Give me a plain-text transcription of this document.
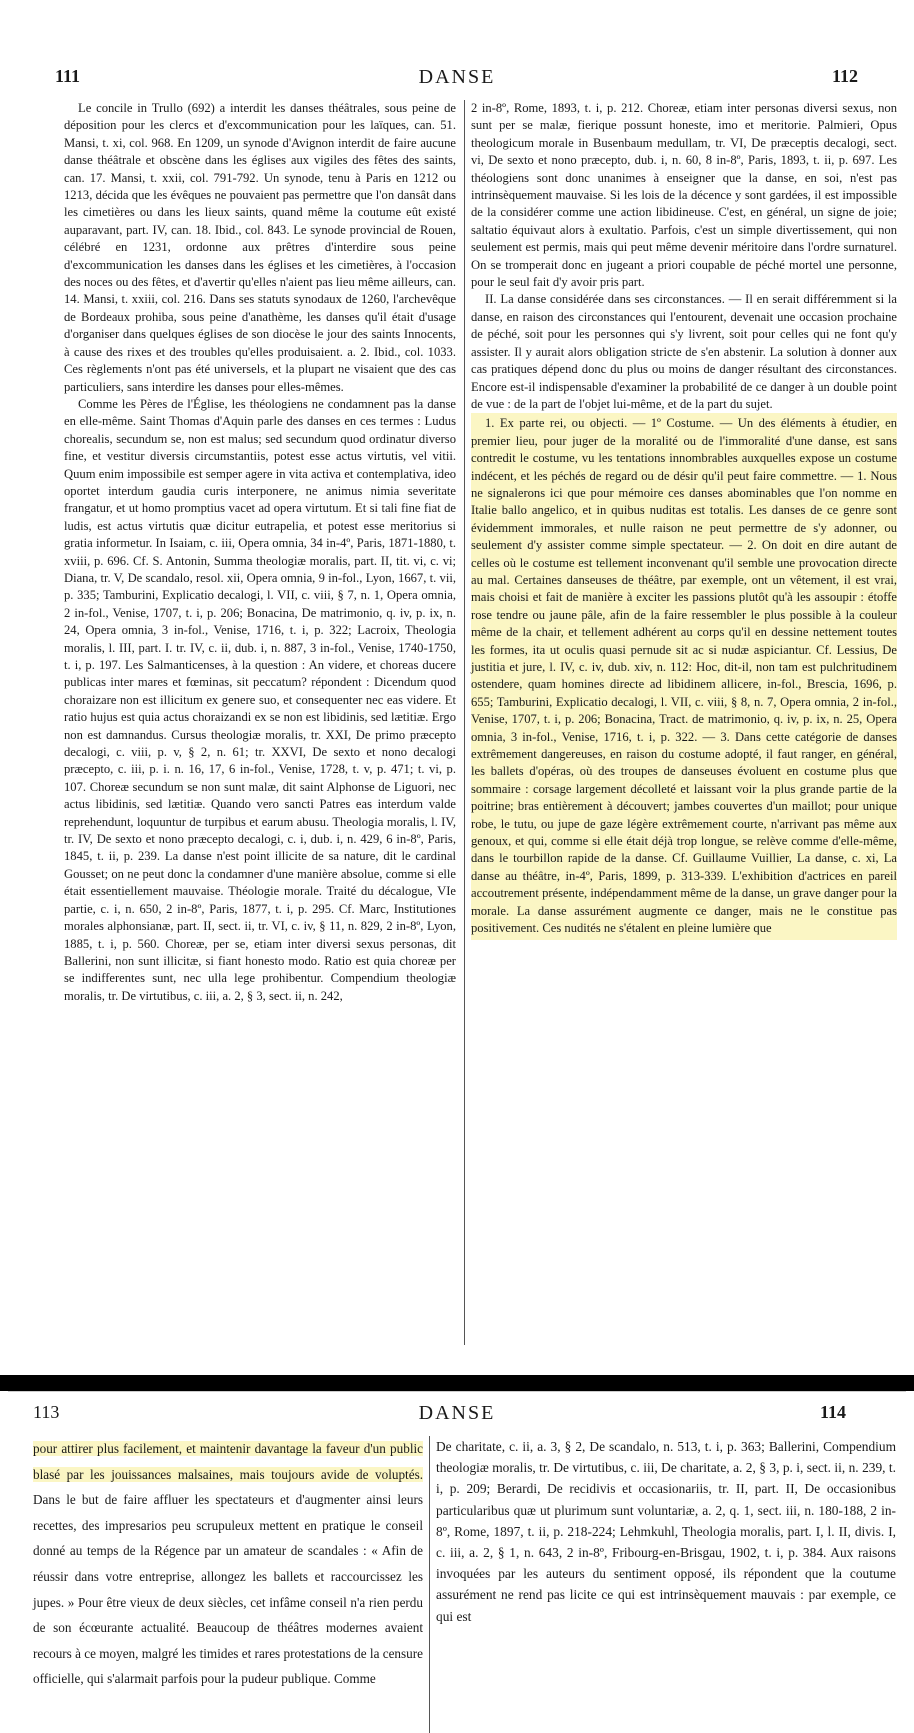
111	DANSE	112

Le concile in Trullo (692) a interdit les danses théâtrales, sous peine de déposition pour les clercs et d'excommunication pour les laïques, can. 51. Mansi, t. xi, col. 968. En 1209, un synode d'Avignon interdit de faire aucune danse théâtrale et obscène dans les églises aux vigiles des fêtes des saints, can. 17. Mansi, t. xxii, col. 791-792. Un synode, tenu à Paris en 1212 ou 1213, décida que les évêques ne pouvaient pas permettre que l'on dansât dans les cimetières ou dans les lieux saints, quand même la coutume eût existé auparavant, part. IV, can. 18. Ibid., col. 843. Le synode provincial de Rouen, célébré en 1231, ordonne aux prêtres d'interdire sous peine d'excommunication les danses dans les églises et les cimetières, à l'occasion des noces ou des fêtes, et d'avertir qu'elles n'aient pas lieu même ailleurs, can. 14. Mansi, t. xxiii, col. 216. Dans ses statuts synodaux de 1260, l'archevêque de Bordeaux prohiba, sous peine d'anathème, les danses qu'il était d'usage d'organiser dans quelques églises de son diocèse le jour des saints Innocents, à cause des rixes et des troubles qu'elles produisaient. a. 2. Ibid., col. 1033. Ces règlements n'ont pas été universels, et la plupart ne visaient que des cas particuliers, sans interdire les danses pour elles-mêmes.

Comme les Pères de l'Église, les théologiens ne condamnent pas la danse en elle-même. Saint Thomas d'Aquin parle des danses en ces termes : Ludus chorealis, secundum se, non est malus; sed secundum quod ordinatur diverso fine, et vestitur diversis circumstantiis, potest esse actus virtutis, vel vitii. Quum enim impossibile est semper agere in vita activa et contemplativa, ideo oportet interdum gaudia curis interponere, ne animus nimia severitate frangatur, et ut homo promptius vacet ad opera virtutum. Et si tali fine fiat de ludis, est actus virtutis quæ dicitur eutrapelia, et potest esse meritorius si gratia informetur. In Isaiam, c. iii, Opera omnia, 34 in-4º, Paris, 1871-1880, t. xviii, p. 696. Cf. S. Antonin, Summa theologiæ moralis, part. II, tit. vi, c. vi; Diana, tr. V, De scandalo, resol. xii, Opera omnia, 9 in-fol., Lyon, 1667, t. vii, p. 335; Tamburini, Explicatio decalogi, l. VII, c. viii, § 7, n. 1, Opera omnia, 2 in-fol., Venise, 1707, t. i, p. 206; Bonacina, De matrimonio, q. iv, p. ix, n. 24, Opera omnia, 3 in-fol., Venise, 1716, t. i, p. 322; Lacroix, Theologia moralis, l. III, part. I. tr. IV, c. ii, dub. i, n. 887, 3 in-fol., Venise, 1740-1750, t. i, p. 197. Les Salmanticenses, à la question : An videre, et choreas ducere publicas inter mares et fœminas, sit peccatum? répondent : Dicendum quod choraizare non est illicitum ex genere suo, et consequenter nec eas videre. Et ratio hujus est quia actus choraizandi ex se non est libidinis, sed lætitiæ. Ergo non est damnandus. Cursus theologiæ moralis, tr. XXI, De primo præcepto decalogi, c. viii, p. v, § 2, n. 61; tr. XXVI, De sexto et nono decalogi præcepto, c. iii, p. i. n. 16, 17, 6 in-fol., Venise, 1728, t. v, p. 471; t. vi, p. 107. Choreæ secundum se non sunt malæ, dit saint Alphonse de Liguori, nec actus libidinis, sed lætitiæ. Quando vero sancti Patres eas interdum valde reprehendunt, loquuntur de turpibus et earum abusu. Theologia moralis, l. IV, tr. IV, De sexto et nono præcepto decalogi, c. i, dub. i, n. 429, 6 in-8º, Paris, 1845, t. ii, p. 239. La danse n'est point illicite de sa nature, dit le cardinal Gousset; on ne peut donc la condamner d'une manière absolue, comme si elle était essentiellement mauvaise. Théologie morale. Traité du décalogue, VIe partie, c. i, n. 650, 2 in-8º, Paris, 1877, t. i, p. 295. Cf. Marc, Institutiones morales alphonsianæ, part. II, sect. ii, tr. VI, c. iv, § 11, n. 829, 2 in-8º, Lyon, 1885, t. i, p. 560. Choreæ, per se, etiam inter diversi sexus personas, dit Ballerini, non sunt illicitæ, si fiant honesto modo. Ratio est quia choreæ per se indifferentes sunt, nec ulla lege prohibentur. Compendium theologiæ moralis, tr. De virtutibus, c. iii, a. 2, § 3, sect. ii, n. 242,

2 in-8º, Rome, 1893, t. i, p. 212. Choreæ, etiam inter personas diversi sexus, non sunt per se malæ, fierique possunt honeste, imo et meritorie. Palmieri, Opus theologicum morale in Busenbaum medullam, tr. VI, De præceptis decalogi, sect. vi, De sexto et nono præcepto, dub. i, n. 60, 8 in-8º, Paris, 1893, t. ii, p. 697. Les théologiens sont donc unanimes à enseigner que la danse, en soi, n'est pas intrinsèquement mauvaise. Si les lois de la décence y sont gardées, il est impossible de la considérer comme une action libidineuse. C'est, en général, un signe de joie; saltatio équivaut alors à exultatio. Parfois, c'est un simple divertissement, qui non seulement est permis, mais qui peut même devenir méritoire dans l'ordre surnaturel. On se tromperait donc en jugeant a priori coupable de péché mortel une personne, pour le seul fait d'y avoir pris part.

II. La danse considérée dans ses circonstances. — Il en serait différemment si la danse, en raison des circonstances qui l'entourent, devenait une occasion prochaine de péché, soit pour les personnes qui s'y livrent, soit pour celles qui ne font qu'y assister. Il y aurait alors obligation stricte de s'en abstenir. La solution à donner aux cas pratiques dépend donc du plus ou moins de danger résultant des circonstances. Encore est-il indispensable d'examiner la probabilité de ce danger à un double point de vue : de la part de l'objet lui-même, et de la part du sujet.

1. Ex parte rei, ou objecti. — 1º Costume. — Un des éléments à étudier, en premier lieu, pour juger de la moralité ou de l'immoralité d'une danse, est sans contredit le costume, vu les tentations innombrables auxquelles expose un costume indécent, et les péchés de regard ou de désir qu'il peut faire commettre. — 1. Nous ne signalerons ici que pour mémoire ces danses abominables que l'on nomme en Italie ballo angelico, et in quibus nuditas est totalis. Les danses de ce genre sont évidemment immorales, et nulle raison ne peut permettre de s'y adonner, ou seulement d'y assister comme simple spectateur. — 2. On doit en dire autant de celles où le costume est tellement inconvenant qu'il semble une provocation directe au mal. Certaines danseuses de théâtre, par exemple, ont un vêtement, il est vrai, mais choisi et fait de manière à exciter les passions plutôt qu'à les assoupir : étoffe rose tendre ou jaune pâle, afin de la faire ressembler le plus possible à la couleur même de la chair, et tellement adhérent au corps qu'il en dessine nettement toutes les formes, ita ut oculis quasi pernude sit ac si nudæ aspiciantur. Cf. Lessius, De justitia et jure, l. IV, c. iv, dub. xiv, n. 112: Hoc, dit-il, non tam est pulchritudinem ostendere, quam homines directe ad libidinem allicere, in-fol., Brescia, 1696, p. 655; Tamburini, Explicatio decalogi, l. VII, c. viii, § 8, n. 7, Opera omnia, 2 in-fol., Venise, 1707, t. i, p. 206; Bonacina, Tract. de matrimonio, q. iv, p. ix, n. 25, Opera omnia, 3 in-fol., Venise, 1716, t. i, p. 322. — 3. Dans cette catégorie de danses extrêmement dangereuses, en raison du costume adopté, il faut ranger, en général, les ballets d'opéras, où des troupes de danseuses évoluent en costume plus que sommaire : corsage largement décolleté et laissant voir la plus grande partie de la poitrine; bras entièrement à découvert; jambes couvertes d'un maillot; pour unique robe, le tutu, ou jupe de gaze légère extrêmement courte, n'arrivant pas même aux genoux, et qui, comme si elle était déjà trop longue, se relève comme d'elle-même, dans le tourbillon rapide de la danse. Cf. Guillaume Vuillier, La danse, c. xi, La danse au théâtre, in-4º, Paris, 1899, p. 313-339. L'exhibition d'actrices en pareil accoutrement présente, indépendamment même de la danse, un grave danger pour la morale. La danse assurément augmente ce danger, mais ne le constitue pas positivement. Ces nudités ne s'étalent en pleine lumière que

113	DANSE	114

pour attirer plus facilement, et maintenir davantage la faveur d'un public blasé par les jouissances malsaines, mais toujours avide de voluptés. Dans le but de faire affluer les spectateurs et d'augmenter ainsi leurs recettes, des impresarios peu scrupuleux mettent en pratique le conseil donné au temps de la Régence par un amateur de scandales : « Afin de réussir dans votre entreprise, allongez les ballets et raccourcissez les jupes. » Pour être vieux de deux siècles, cet infâme conseil n'a rien perdu de son écœurante actualité. Beaucoup de théâtres modernes avaient recours à ce moyen, malgré les timides et rares protestations de la censure officielle, qui s'alarmait parfois pour la pudeur publique. Comme

De charitate, c. ii, a. 3, § 2, De scandalo, n. 513, t. i, p. 363; Ballerini, Compendium theologiæ moralis, tr. De virtutibus, c. iii, De charitate, a. 2, § 3, p. i, sect. ii, n. 239, t. i, p. 209; Berardi, De recidivis et occasionariis, tr. II, part. II, De occasionibus particularibus quæ ut plurimum sunt voluntariæ, a. 2, q. 1, sect. iii, n. 180-188, 2 in-8º, Rome, 1897, t. ii, p. 218-224; Lehmkuhl, Theologia moralis, part. I, l. II, divis. I, c. iii, a. 2, § 1, n. 643, 2 in-8º, Fribourg-en-Brisgau, 1902, t. i, p. 384. Aux raisons invoquées par les auteurs du sentiment opposé, ils répondent que la coutume assurément ne rend pas licite ce qui est intrinsèquement mauvais : par exemple, ce qui est
